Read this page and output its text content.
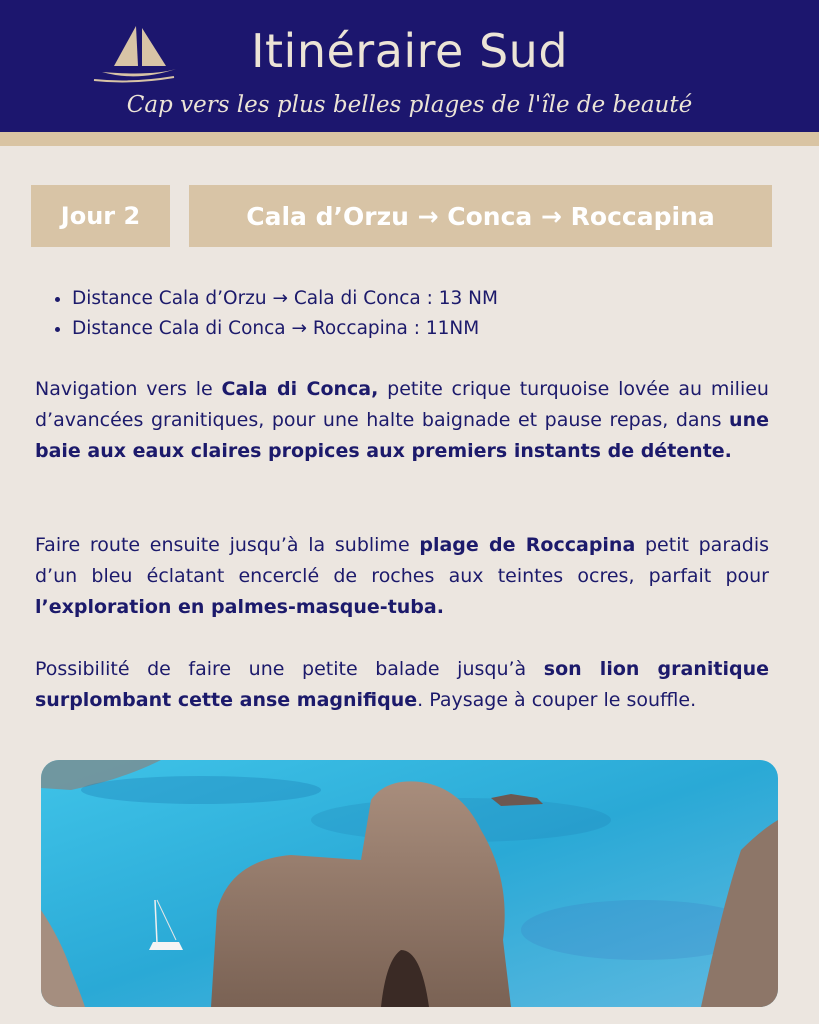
Itinéraire Sud
Cap vers les plus belles plages de l'île de beauté
Jour 2	Cala d’Orzu → Conca → Roccapina
• Distance Cala d’Orzu → Cala di Conca : 13 NM
• Distance Cala di Conca → Roccapina : 11NM

Navigation vers le Cala di Conca, petite crique turquoise lovée au milieu d’avancées granitiques, pour une halte baignade et pause repas, dans une baie aux eaux claires propices aux premiers instants de détente.

Faire route ensuite jusqu’à la sublime plage de Roccapina petit paradis d’un bleu éclatant encerclé de roches aux teintes ocres, parfait pour l’exploration en palmes-masque-tuba.

Possibilité de faire une petite balade jusqu’à son lion granitique surplombant cette anse magnifique. Paysage à couper le souffle.
